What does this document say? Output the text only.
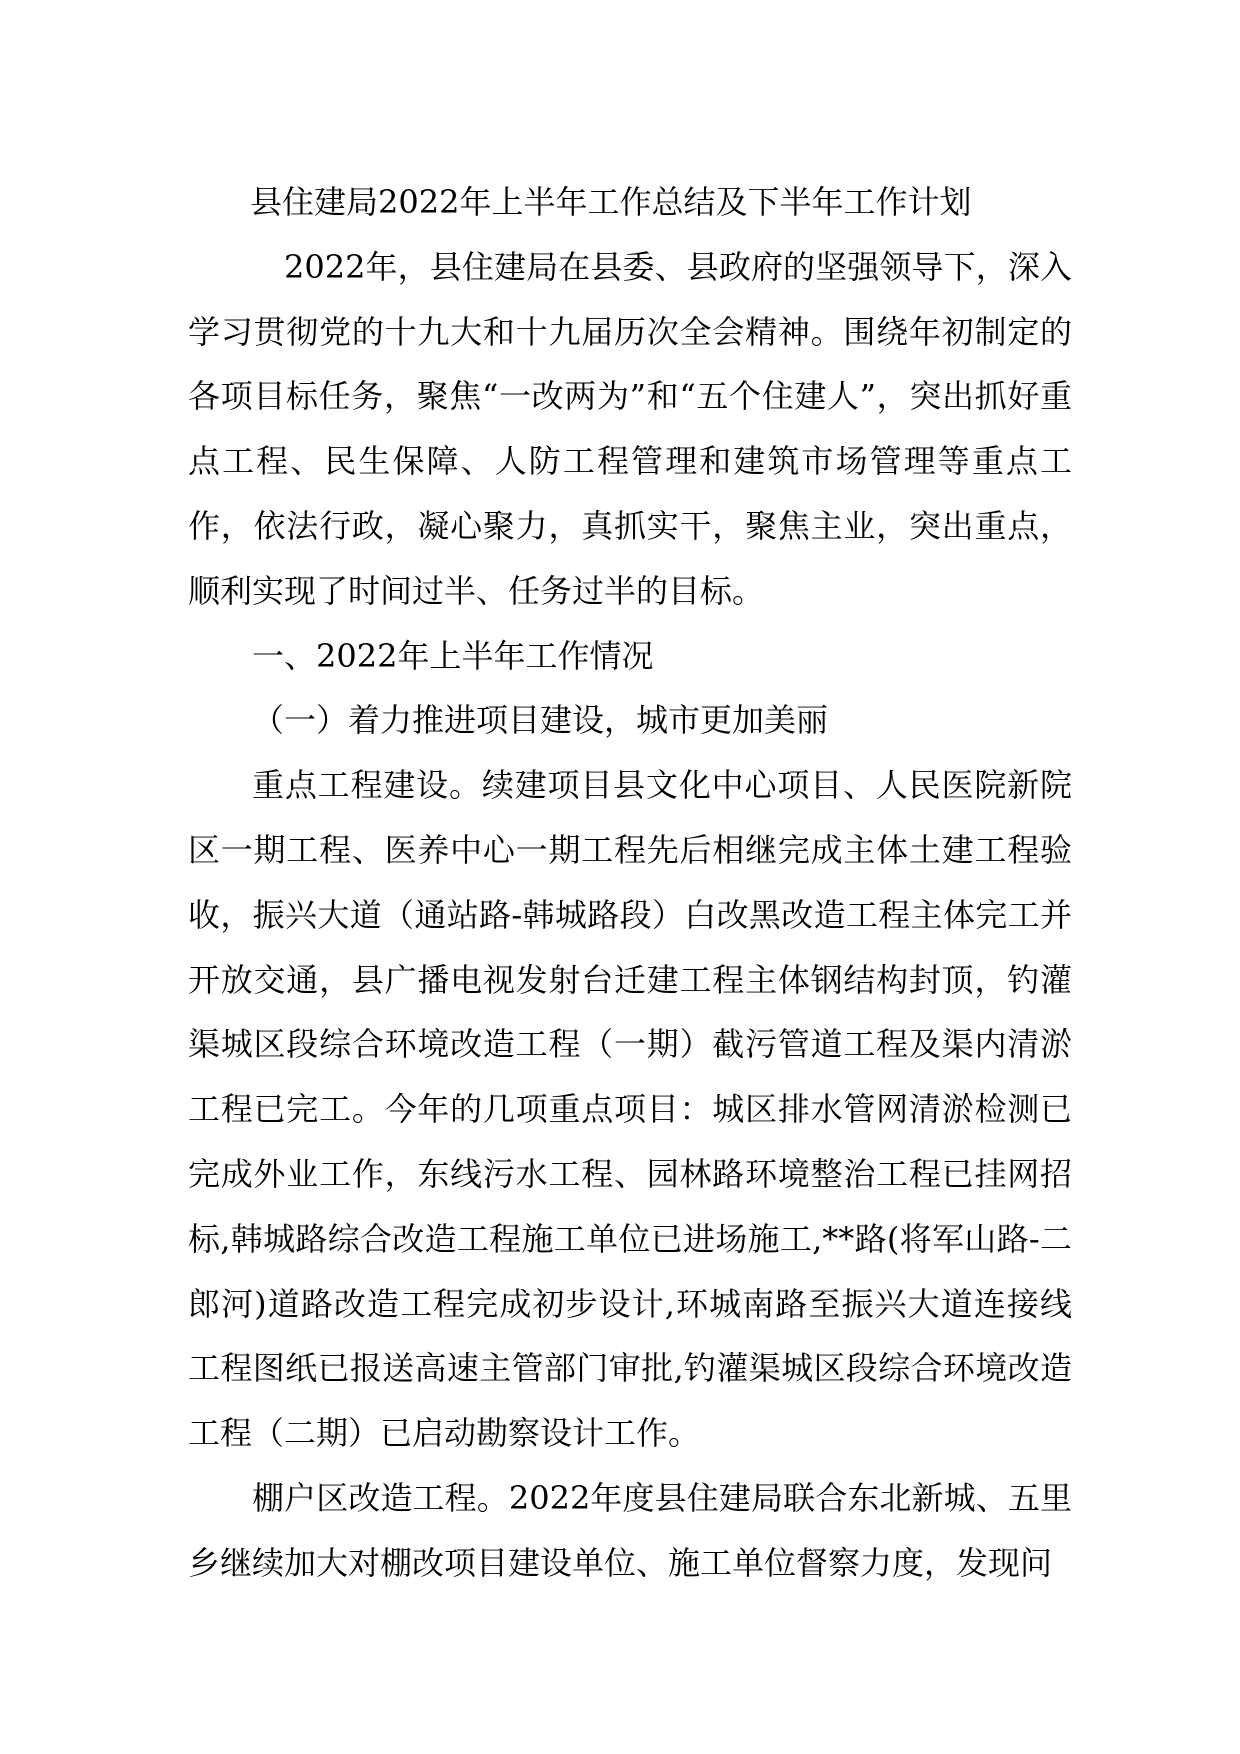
县住建局2022年上半年工作总结及下半年工作计划

2022年，县住建局在县委、县政府的坚强领导下，深入学习贯彻党的十九大和十九届历次全会精神。围绕年初制定的各项目标任务，聚焦“一改两为”和“五个住建人”，突出抓好重点工程、民生保障、人防工程管理和建筑市场管理等重点工作，依法行政，凝心聚力，真抓实干，聚焦主业，突出重点，顺利实现了时间过半、任务过半的目标。

一、2022年上半年工作情况

（一）着力推进项目建设，城市更加美丽

重点工程建设。续建项目县文化中心项目、人民医院新院区一期工程、医养中心一期工程先后相继完成主体土建工程验收，振兴大道（通站路-韩城路段）白改黑改造工程主体完工并开放交通，县广播电视发射台迁建工程主体钢结构封顶，钓灌渠城区段综合环境改造工程（一期）截污管道工程及渠内清淤工程已完工。今年的几项重点项目：城区排水管网清淤检测已完成外业工作，东线污水工程、园林路环境整治工程已挂网招标,韩城路综合改造工程施工单位已进场施工,**路(将军山路-二郎河)道路改造工程完成初步设计,环城南路至振兴大道连接线工程图纸已报送高速主管部门审批,钓灌渠城区段综合环境改造工程（二期）已启动勘察设计工作。

棚户区改造工程。2022年度县住建局联合东北新城、五里乡继续加大对棚改项目建设单位、施工单位督察力度，发现问
